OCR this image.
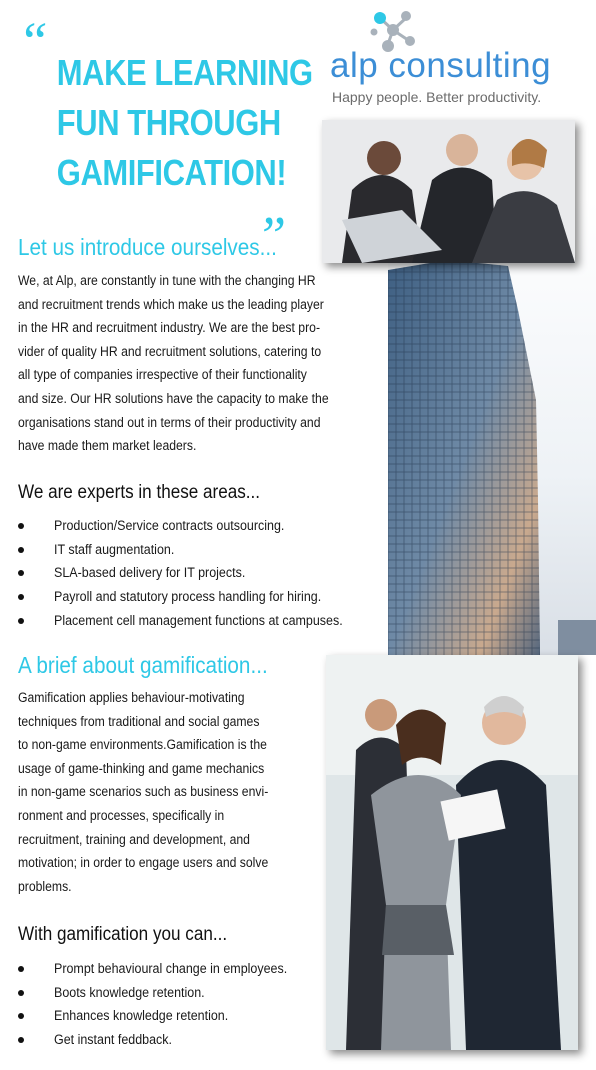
“
MAKE LEARNING
FUN THROUGH
GAMIFICATION!
„
alp consulting
Happy people. Better productivity.
Let us introduce ourselves...
We, at Alp, are constantly in tune with the changing HR
and recruitment trends which make us the leading player
in the HR and recruitment industry. We are the best pro-
vider of quality HR and recruitment solutions, catering to
all type of companies irrespective of their functionality
and size. Our HR solutions have the capacity to make the
organisations stand out in terms of their productivity and
have made them market leaders.
We are experts in these areas...
Production/Service contracts outsourcing.
IT staff augmentation.
SLA-based delivery for IT projects.
Payroll and statutory process handling for hiring.
Placement cell management functions at campuses.
A brief about gamification...
Gamification applies behaviour-motivating
techniques from traditional and social games
to non-game environments.Gamification is the
usage of game-thinking and game mechanics
in non-game scenarios such as business envi-
ronment and processes, specifically in
recruitment, training and development, and
motivation; in order to engage users and solve
problems.
With gamification you can...
Prompt behavioural change in employees.
Boots knowledge retention.
Enhances knowledge retention.
Get instant feddback.
